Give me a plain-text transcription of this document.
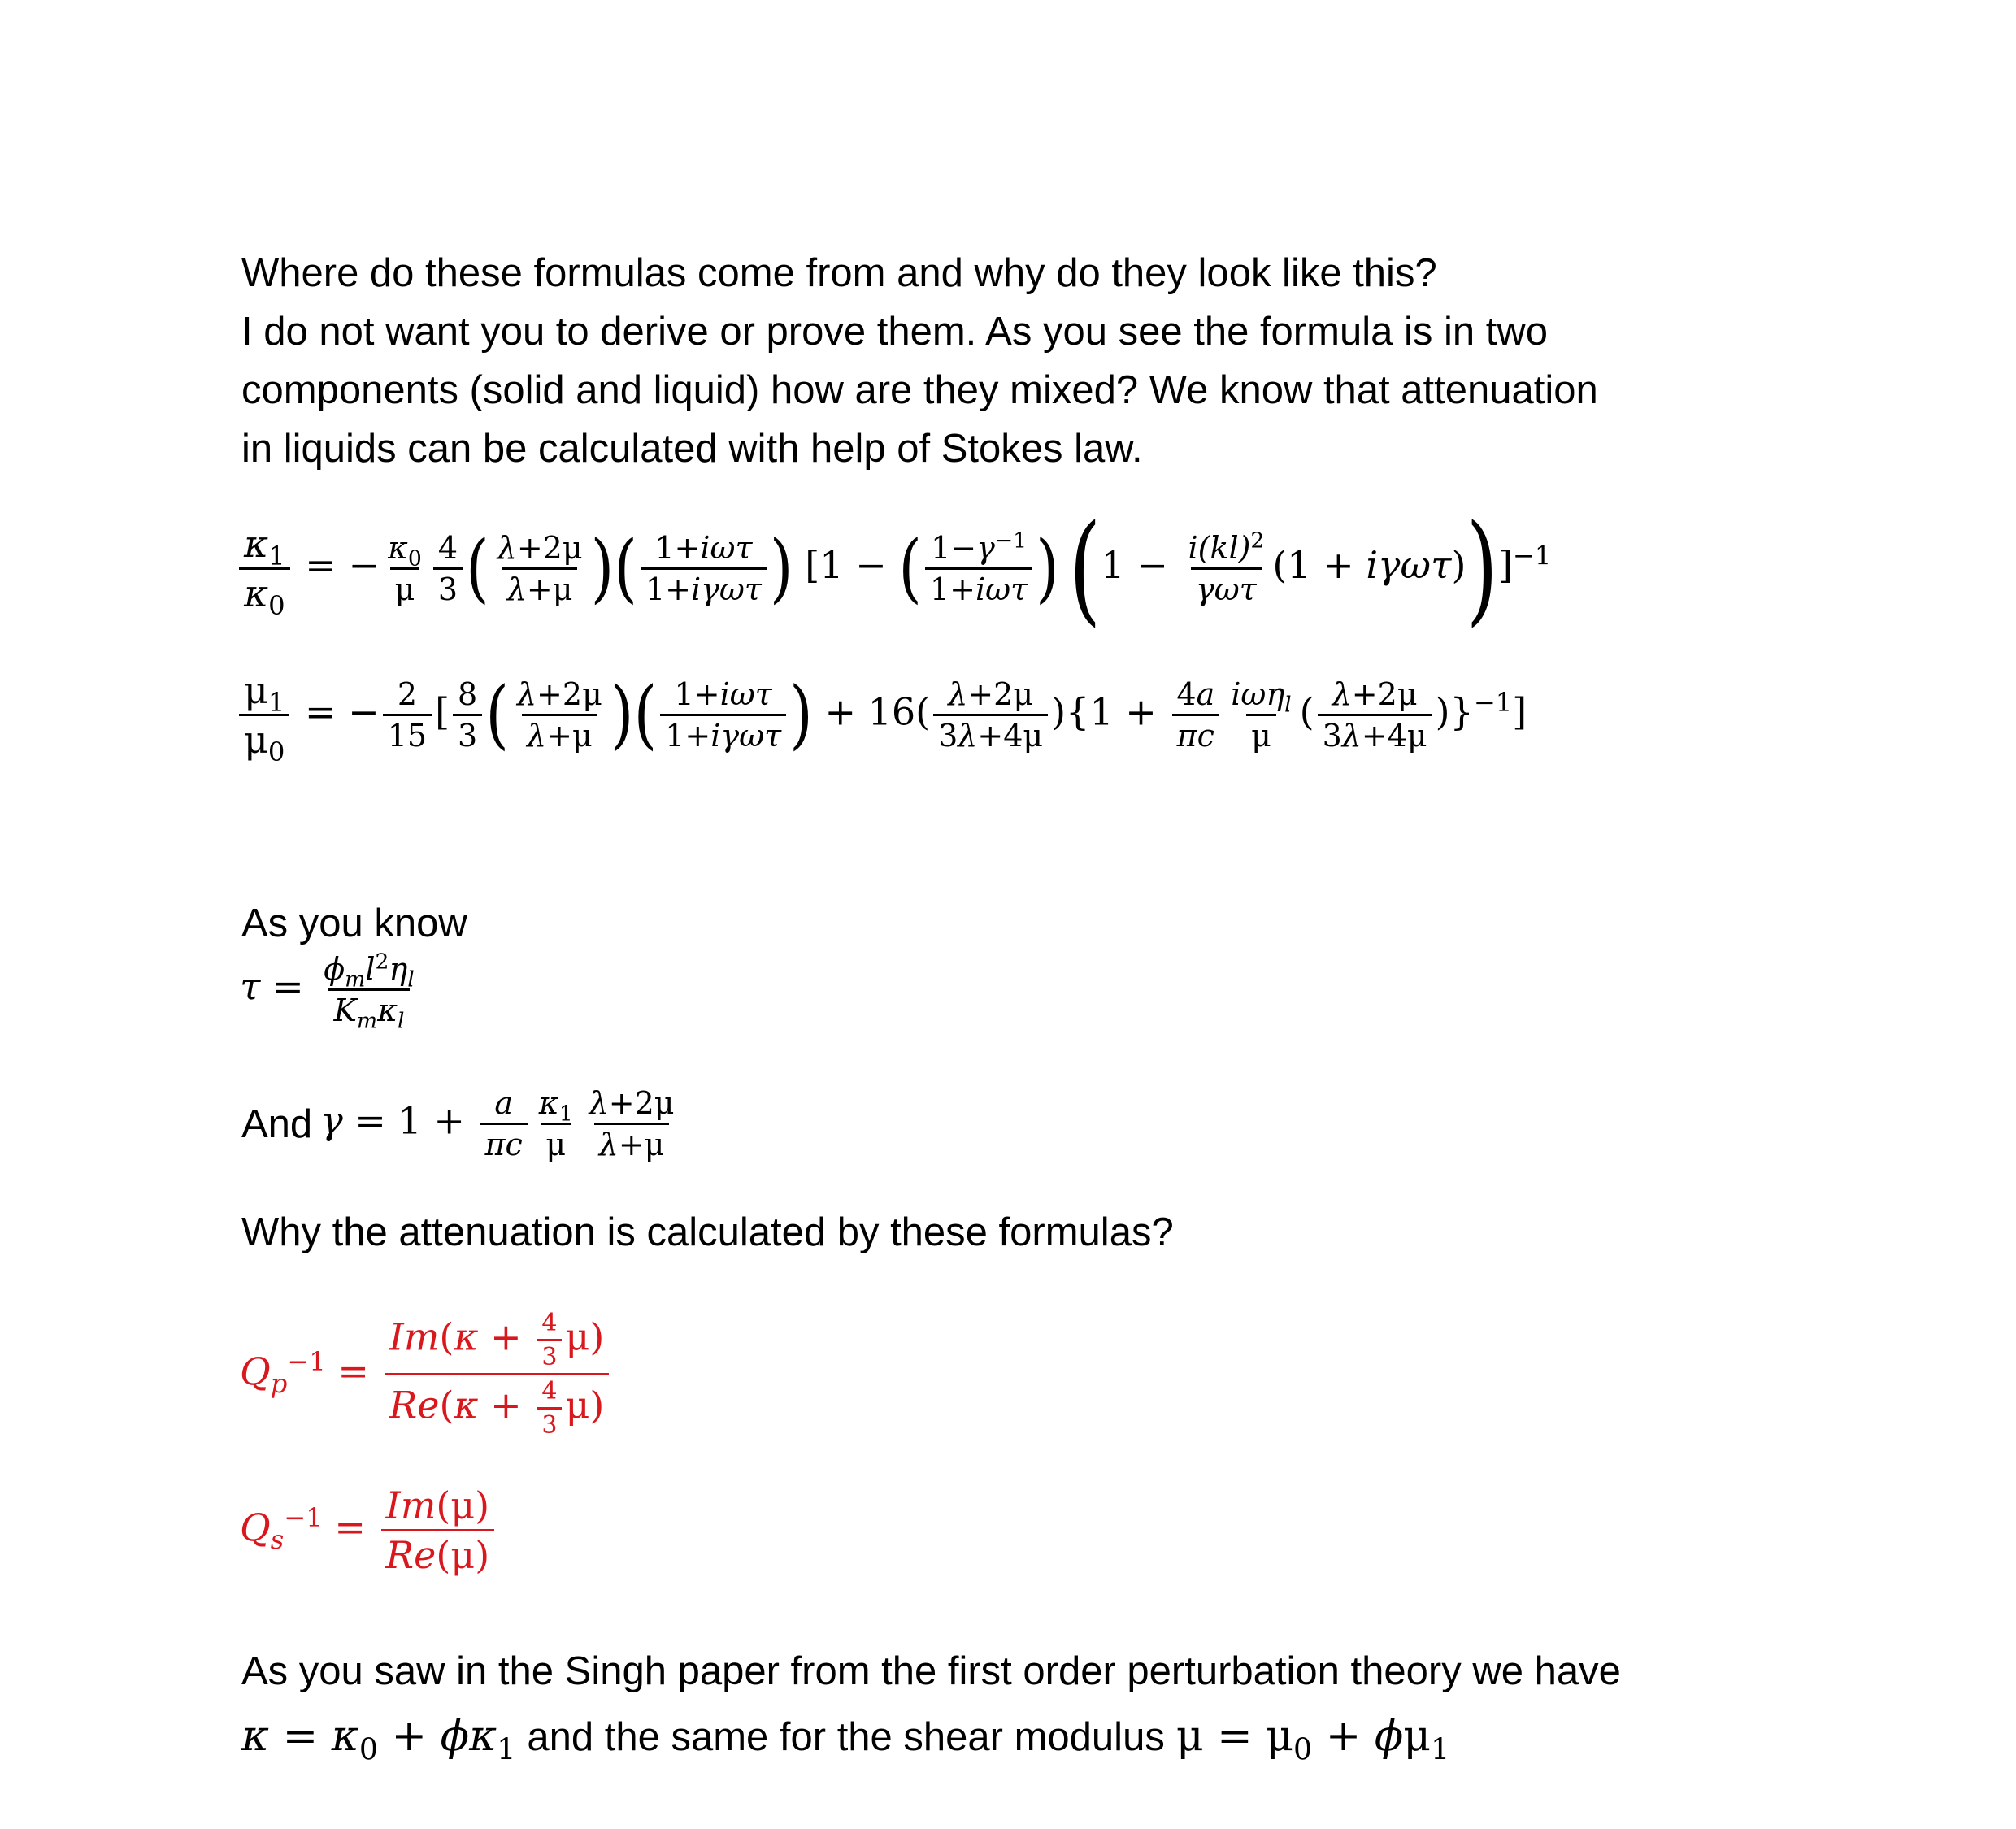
Where do these formulas come from and why do they look like this?
I do not want you to derive or prove them. As you see the formula is in two
components (solid and liquid) how are they mixed? We know that attenuation
in liquids can be calculated with help of Stokes law.
$\frac{\kappa_1}{\kappa_0}$ = − $\frac{\kappa_0}{\mu} \frac{4}{3}$ ( $\frac{\lambda+2\mu}{\lambda+\mu}$ )( $\frac{\text{1+iωτ}}{\text{1+iγωτ}}$ ) [1 − ( $\frac{1-\gamma^{-1}}{\text{1+iωτ}}$ ) $(1 - \frac{i(kl)^2}{\text{γωτ}} (1 + i\gamma\omega\tau))]^{-1}$
$\frac{\mu_1}{\mu_0}$ = − $\frac{2}{15}$ [ $\frac{8}{3}$ ( $\frac{\lambda+2\mu}{\lambda+\mu}$ )( $\frac{\text{1+iωτ}}{\text{1+iγωτ}}$ ) + $16( \frac{\lambda+2\mu}{3\lambda+4\mu} )\{1 + \frac{4a}{\pi c} \frac{i\omega\eta_l}{\mu}$ ( $\frac{\lambda+2\mu}{3\lambda+4\mu} )\}^{-1}$]
As you know
$\tau = \frac{\phi_ml^2\eta_l}{K_m\kappa_l}$
And $\gamma = 1 + \frac{a}{\pi c} \frac{\kappa_1}{\mu} \frac{\lambda+2\mu}{\lambda+\mu}$
Why the attenuation is calculated by these formulas?
$Q_p^{-1} = \frac{Im(\kappa + \frac{4}{3} \mu)}{Re(\kappa + \frac{4}{3} \mu)}$
$Q_s^{-1} = \frac{Im(\mu)}{Re(\mu)}$
As you saw in the Singh paper from the first order perturbation theory we have
$\kappa = \kappa_0 + \phi\kappa_1$ and the same for the shear modulus $\mu = \mu_0 + \phi\mu_1$
